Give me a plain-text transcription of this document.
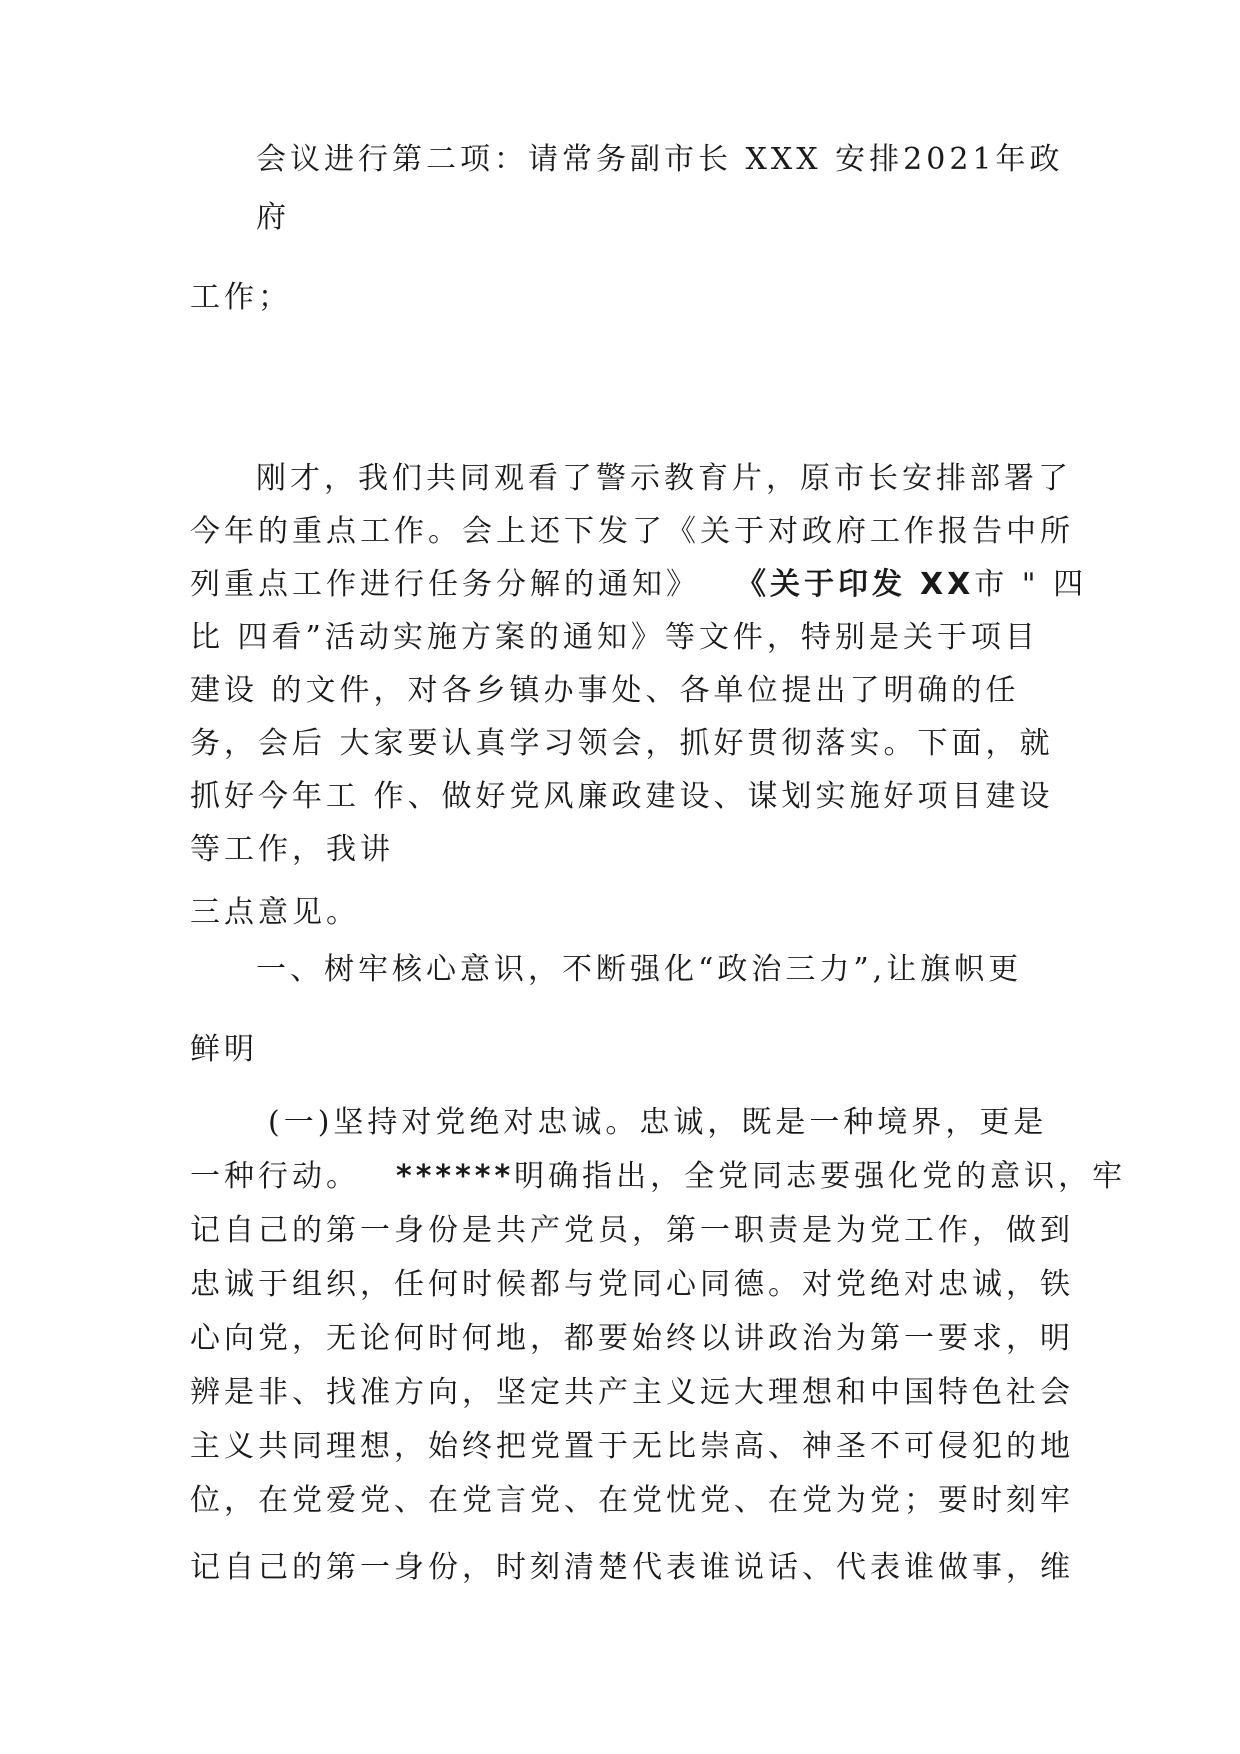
会议进行第二项：请常务副市长 XXX 安排2021年政
府
工作；
刚才，我们共同观看了警示教育片，原市长安排部署了
今年的重点工作。会上还下发了《关于对政府工作报告中所
列重点工作进行任务分解的通知》 《关于印发 XX市 " 四
比 四看”活动实施方案的通知》等文件，特别是关于项目
建设 的文件，对各乡镇办事处、各单位提出了明确的任
务，会后 大家要认真学习领会，抓好贯彻落实。下面，就
抓好今年工 作、做好党风廉政建设、谋划实施好项目建设
等工作，我讲
三点意见。
一、树牢核心意识，不断强化“政治三力”,让旗帜更
鲜明
(一)坚持对党绝对忠诚。忠诚，既是一种境界，更是
一种行动。 ******明确指出，全党同志要强化党的意识，牢
记自己的第一身份是共产党员，第一职责是为党工作，做到
忠诚于组织，任何时候都与党同心同德。对党绝对忠诚，铁
心向党，无论何时何地，都要始终以讲政治为第一要求，明
辨是非、找准方向，坚定共产主义远大理想和中国特色社会
主义共同理想，始终把党置于无比崇高、神圣不可侵犯的地
位，在党爱党、在党言党、在党忧党、在党为党；要时刻牢
记自己的第一身份，时刻清楚代表谁说话、代表谁做事，维
